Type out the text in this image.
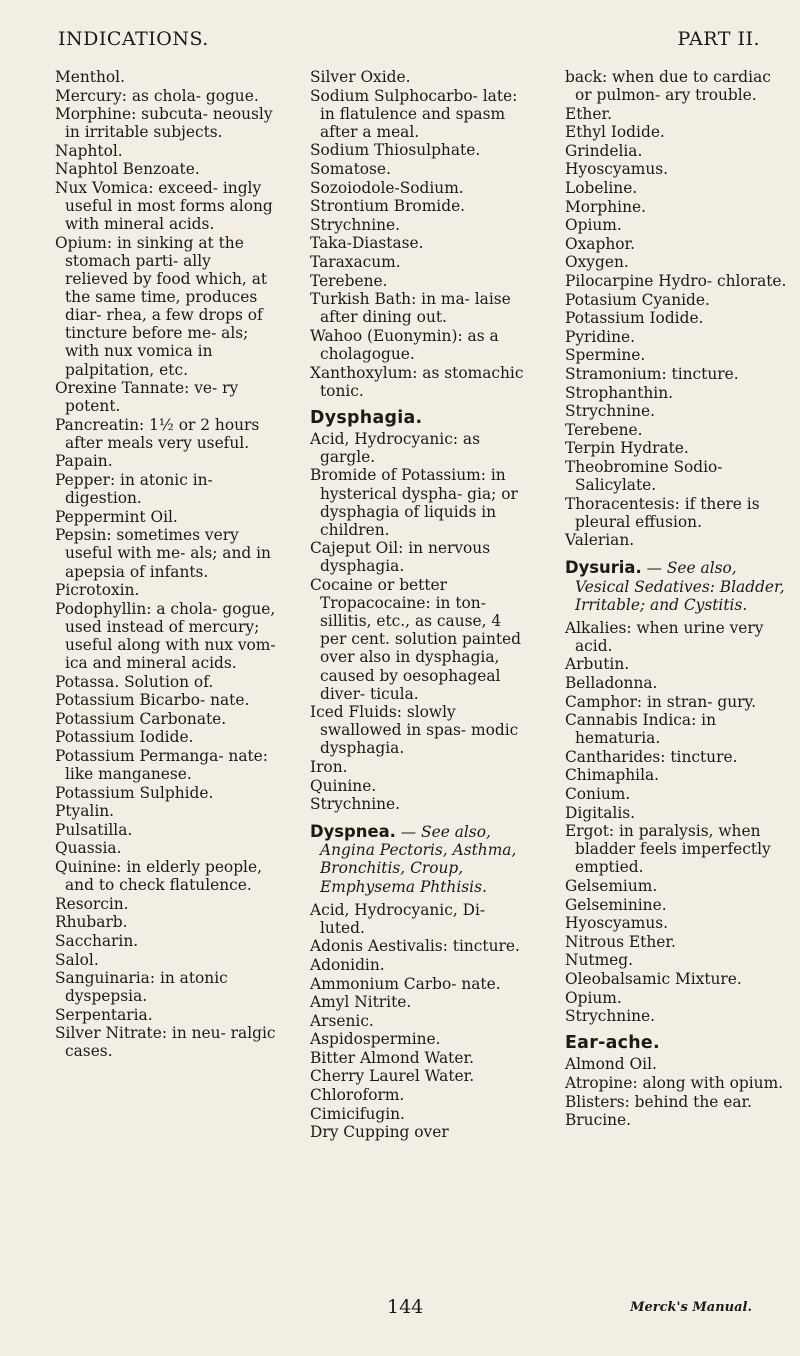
INDICATIONS.	PART II.

Menthol.

Mercury: as chola- gogue.

Morphine: subcuta- neously in irritable subjects.

Naphtol.

Naphtol Benzoate.

Nux Vomica: exceed- ingly useful in most forms along with mineral acids.

Opium: in sinking at the stomach parti- ally relieved by food which, at the same time, produces diar- rhea, a few drops of tincture before me- als; with nux vomica in palpitation, etc.

Orexine Tannate: ve- ry potent.

Pancreatin: 1½ or 2 hours after meals very useful.

Papain.

Pepper: in atonic in- digestion.

Peppermint Oil.

Pepsin: sometimes very useful with me- als; and in apepsia of infants.

Picrotoxin.

Podophyllin: a chola- gogue, used instead of mercury; useful along with nux vom- ica and mineral acids.

Potassa. Solution of.

Potassium Bicarbo- nate.

Potassium Carbonate.

Potassium Iodide.

Potassium Permanga- nate: like manganese.

Potassium Sulphide.

Ptyalin.

Pulsatilla.

Quassia.

Quinine: in elderly people, and to check flatulence.

Resorcin.

Rhubarb.

Saccharin.

Salol.

Sanguinaria: in atonic dyspepsia.

Serpentaria.

Silver Nitrate: in neu- ralgic cases.

Silver Oxide.

Sodium Sulphocarbo- late: in flatulence and spasm after a meal.

Sodium Thiosulphate.

Somatose.

Sozoiodole-Sodium.

Strontium Bromide.

Strychnine.

Taka-Diastase.

Taraxacum.

Terebene.

Turkish Bath: in ma- laise after dining out.

Wahoo (Euonymin): as a cholagogue.

Xanthoxylum: as stomachic tonic.

Dysphagia.

Acid, Hydrocyanic: as gargle.

Bromide of Potassium: in hysterical dyspha- gia; or dysphagia of liquids in children.

Cajeput Oil: in nervous dysphagia.

Cocaine or better Tropacocaine: in ton- sillitis, etc., as cause, 4 per cent. solution painted over also in dysphagia, caused by oesophageal diver- ticula.

Iced Fluids: slowly swallowed in spas- modic dysphagia.

Iron.

Quinine.

Strychnine.

Dyspnea. — See also, Angina Pectoris, Asthma, Bronchitis, Croup, Emphysema Phthisis.

Acid, Hydrocyanic, Di- luted.

Adonis Aestivalis: tincture.

Adonidin.

Ammonium Carbo- nate.

Amyl Nitrite.

Arsenic.

Aspidospermine.

Bitter Almond Water.

Cherry Laurel Water.

Chloroform.

Cimicifugin.

Dry Cupping over

back: when due to cardiac or pulmon- ary trouble.

Ether.

Ethyl Iodide.

Grindelia.

Hyoscyamus.

Lobeline.

Morphine.

Opium.

Oxaphor.

Oxygen.

Pilocarpine Hydro- chlorate.

Potasium Cyanide.

Potassium Iodide.

Pyridine.

Spermine.

Stramonium: tincture.

Strophanthin.

Strychnine.

Terebene.

Terpin Hydrate.

Theobromine Sodio- Salicylate.

Thoracentesis: if there is pleural effusion.

Valerian.

Dysuria. — See also, Vesical Sedatives: Bladder, Irritable; and Cystitis.

Alkalies: when urine very acid.

Arbutin.

Belladonna.

Camphor: in stran- gury.

Cannabis Indica: in hematuria.

Cantharides: tincture.

Chimaphila.

Conium.

Digitalis.

Ergot: in paralysis, when bladder feels imperfectly emptied.

Gelsemium.

Gelseminine.

Hyoscyamus.

Nitrous Ether.

Nutmeg.

Oleobalsamic Mixture.

Opium.

Strychnine.

Ear-ache.

Almond Oil.

Atropine: along with opium.

Blisters: behind the ear.

Brucine.

144	Merck's Manual.
